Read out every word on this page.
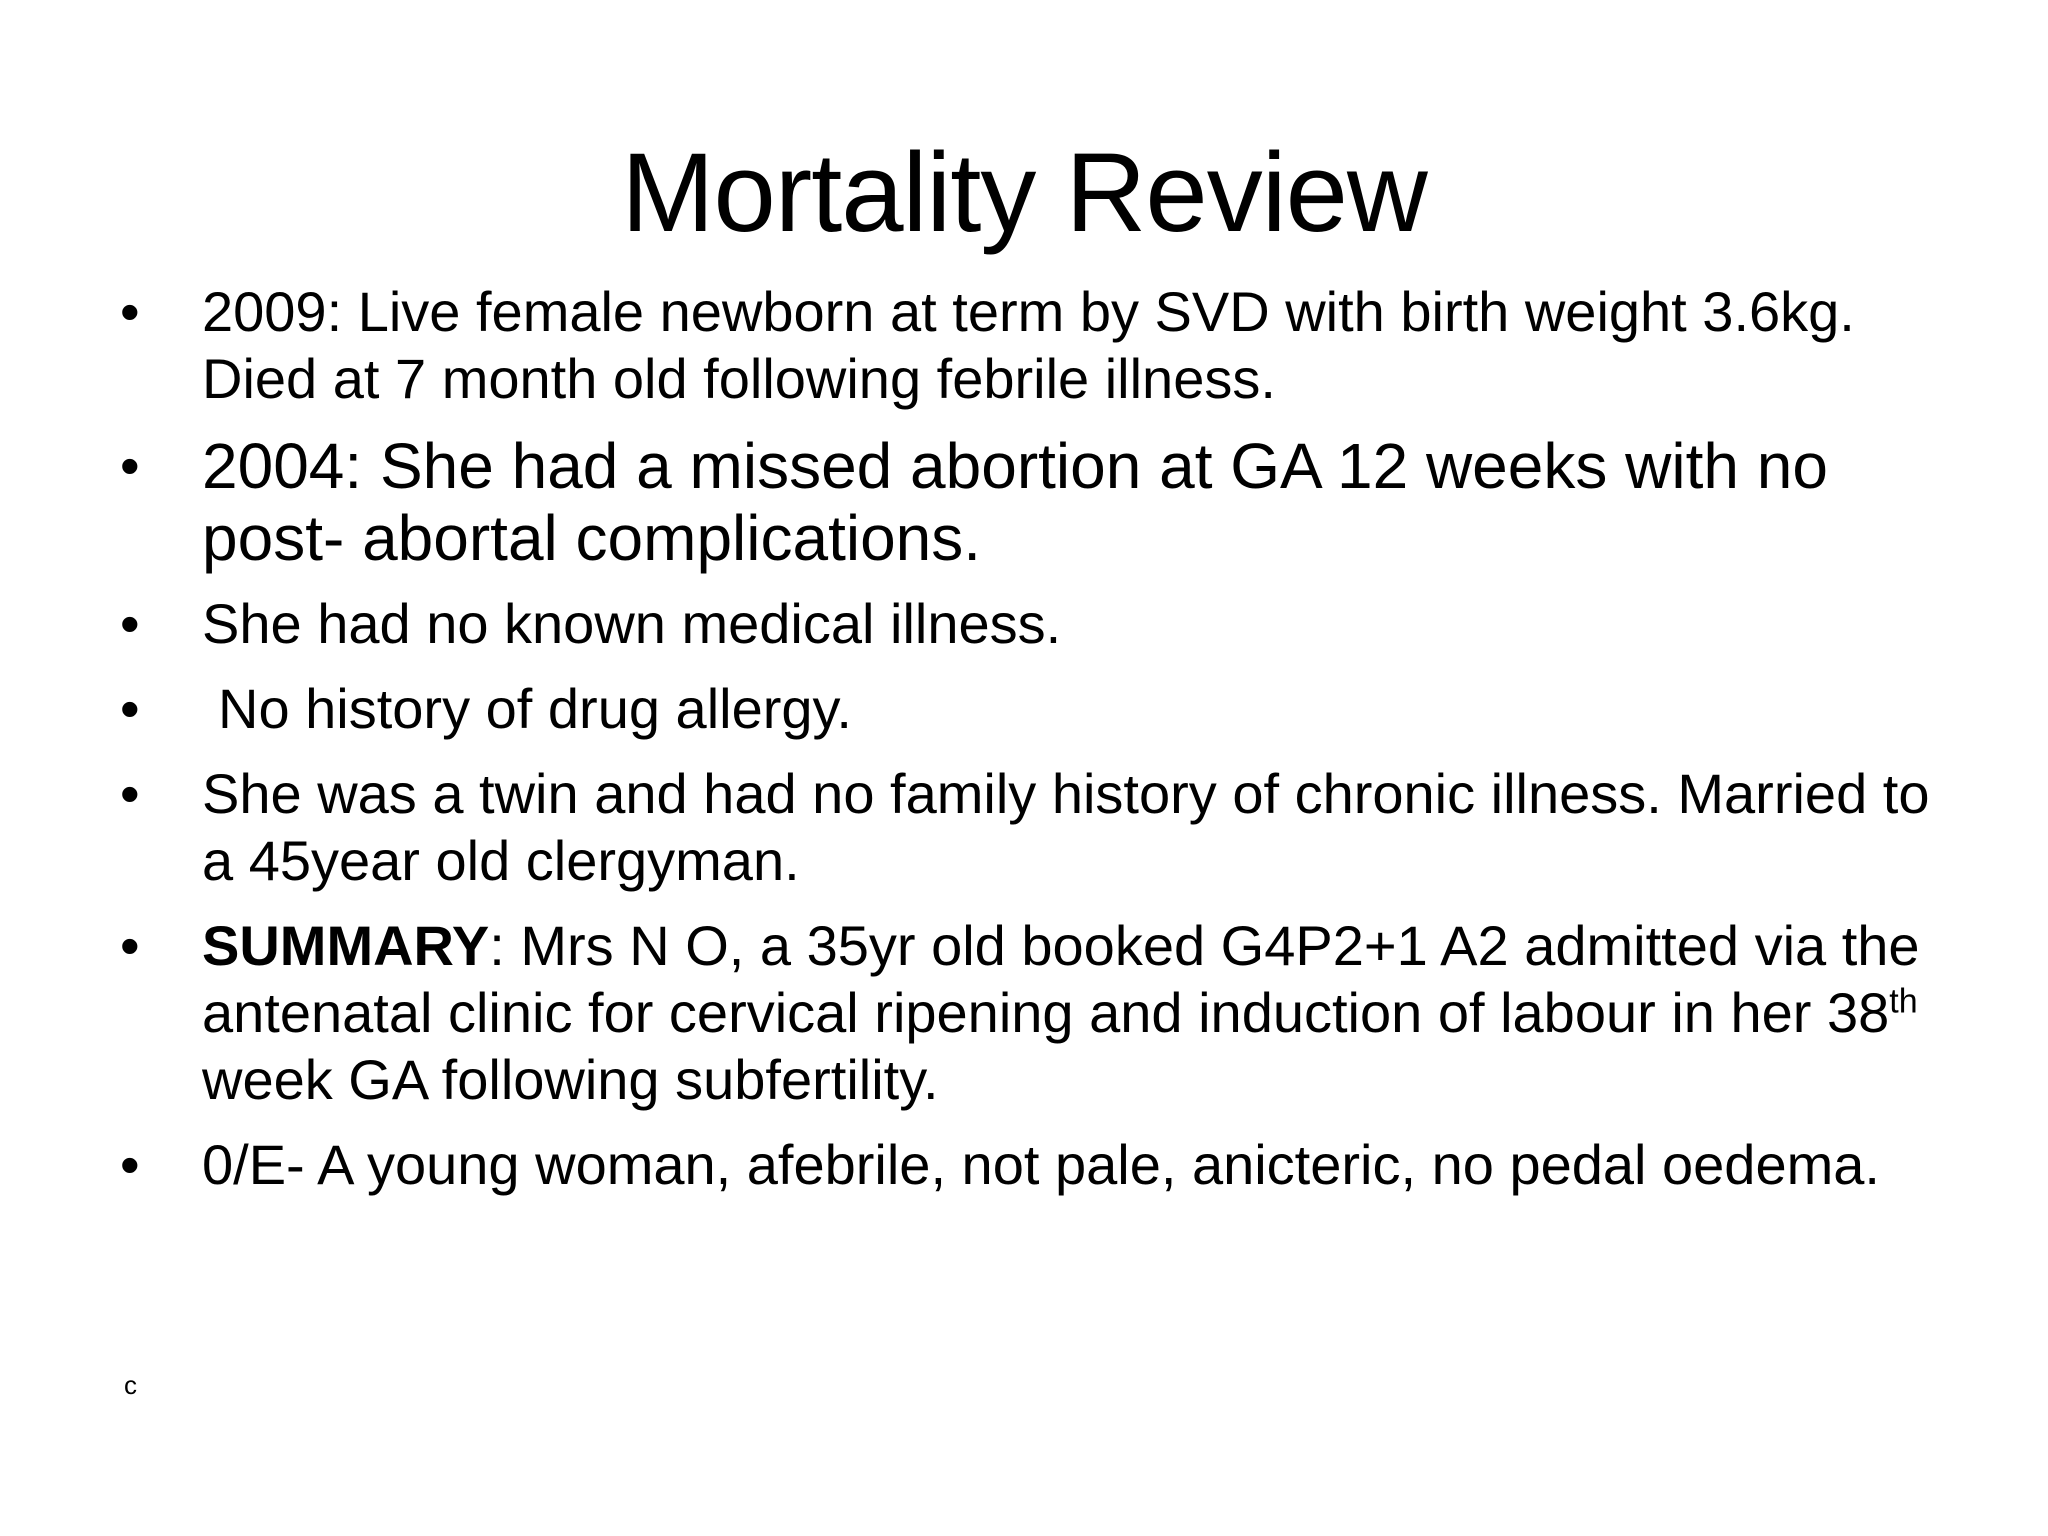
Mortality Review
•	2009: Live female newborn at term by SVD with birth weight 3.6kg. Died at 7 month old following febrile illness.
• 2004: She had a missed abortion at GA 12 weeks with no post- abortal complications.
•	She had no known medical illness.
•	No history of drug allergy.
•	She was a twin and had no family history of chronic illness. Married to a 45year old clergyman.
•	SUMMARY: Mrs N O, a 35yr old booked G4P2+1 A2 admitted via the antenatal clinic for cervical ripening and induction of labour in her 38th week GA following subfertility.
•	0/E- A young woman, afebrile, not pale, anicteric, no pedal oedema.
c
